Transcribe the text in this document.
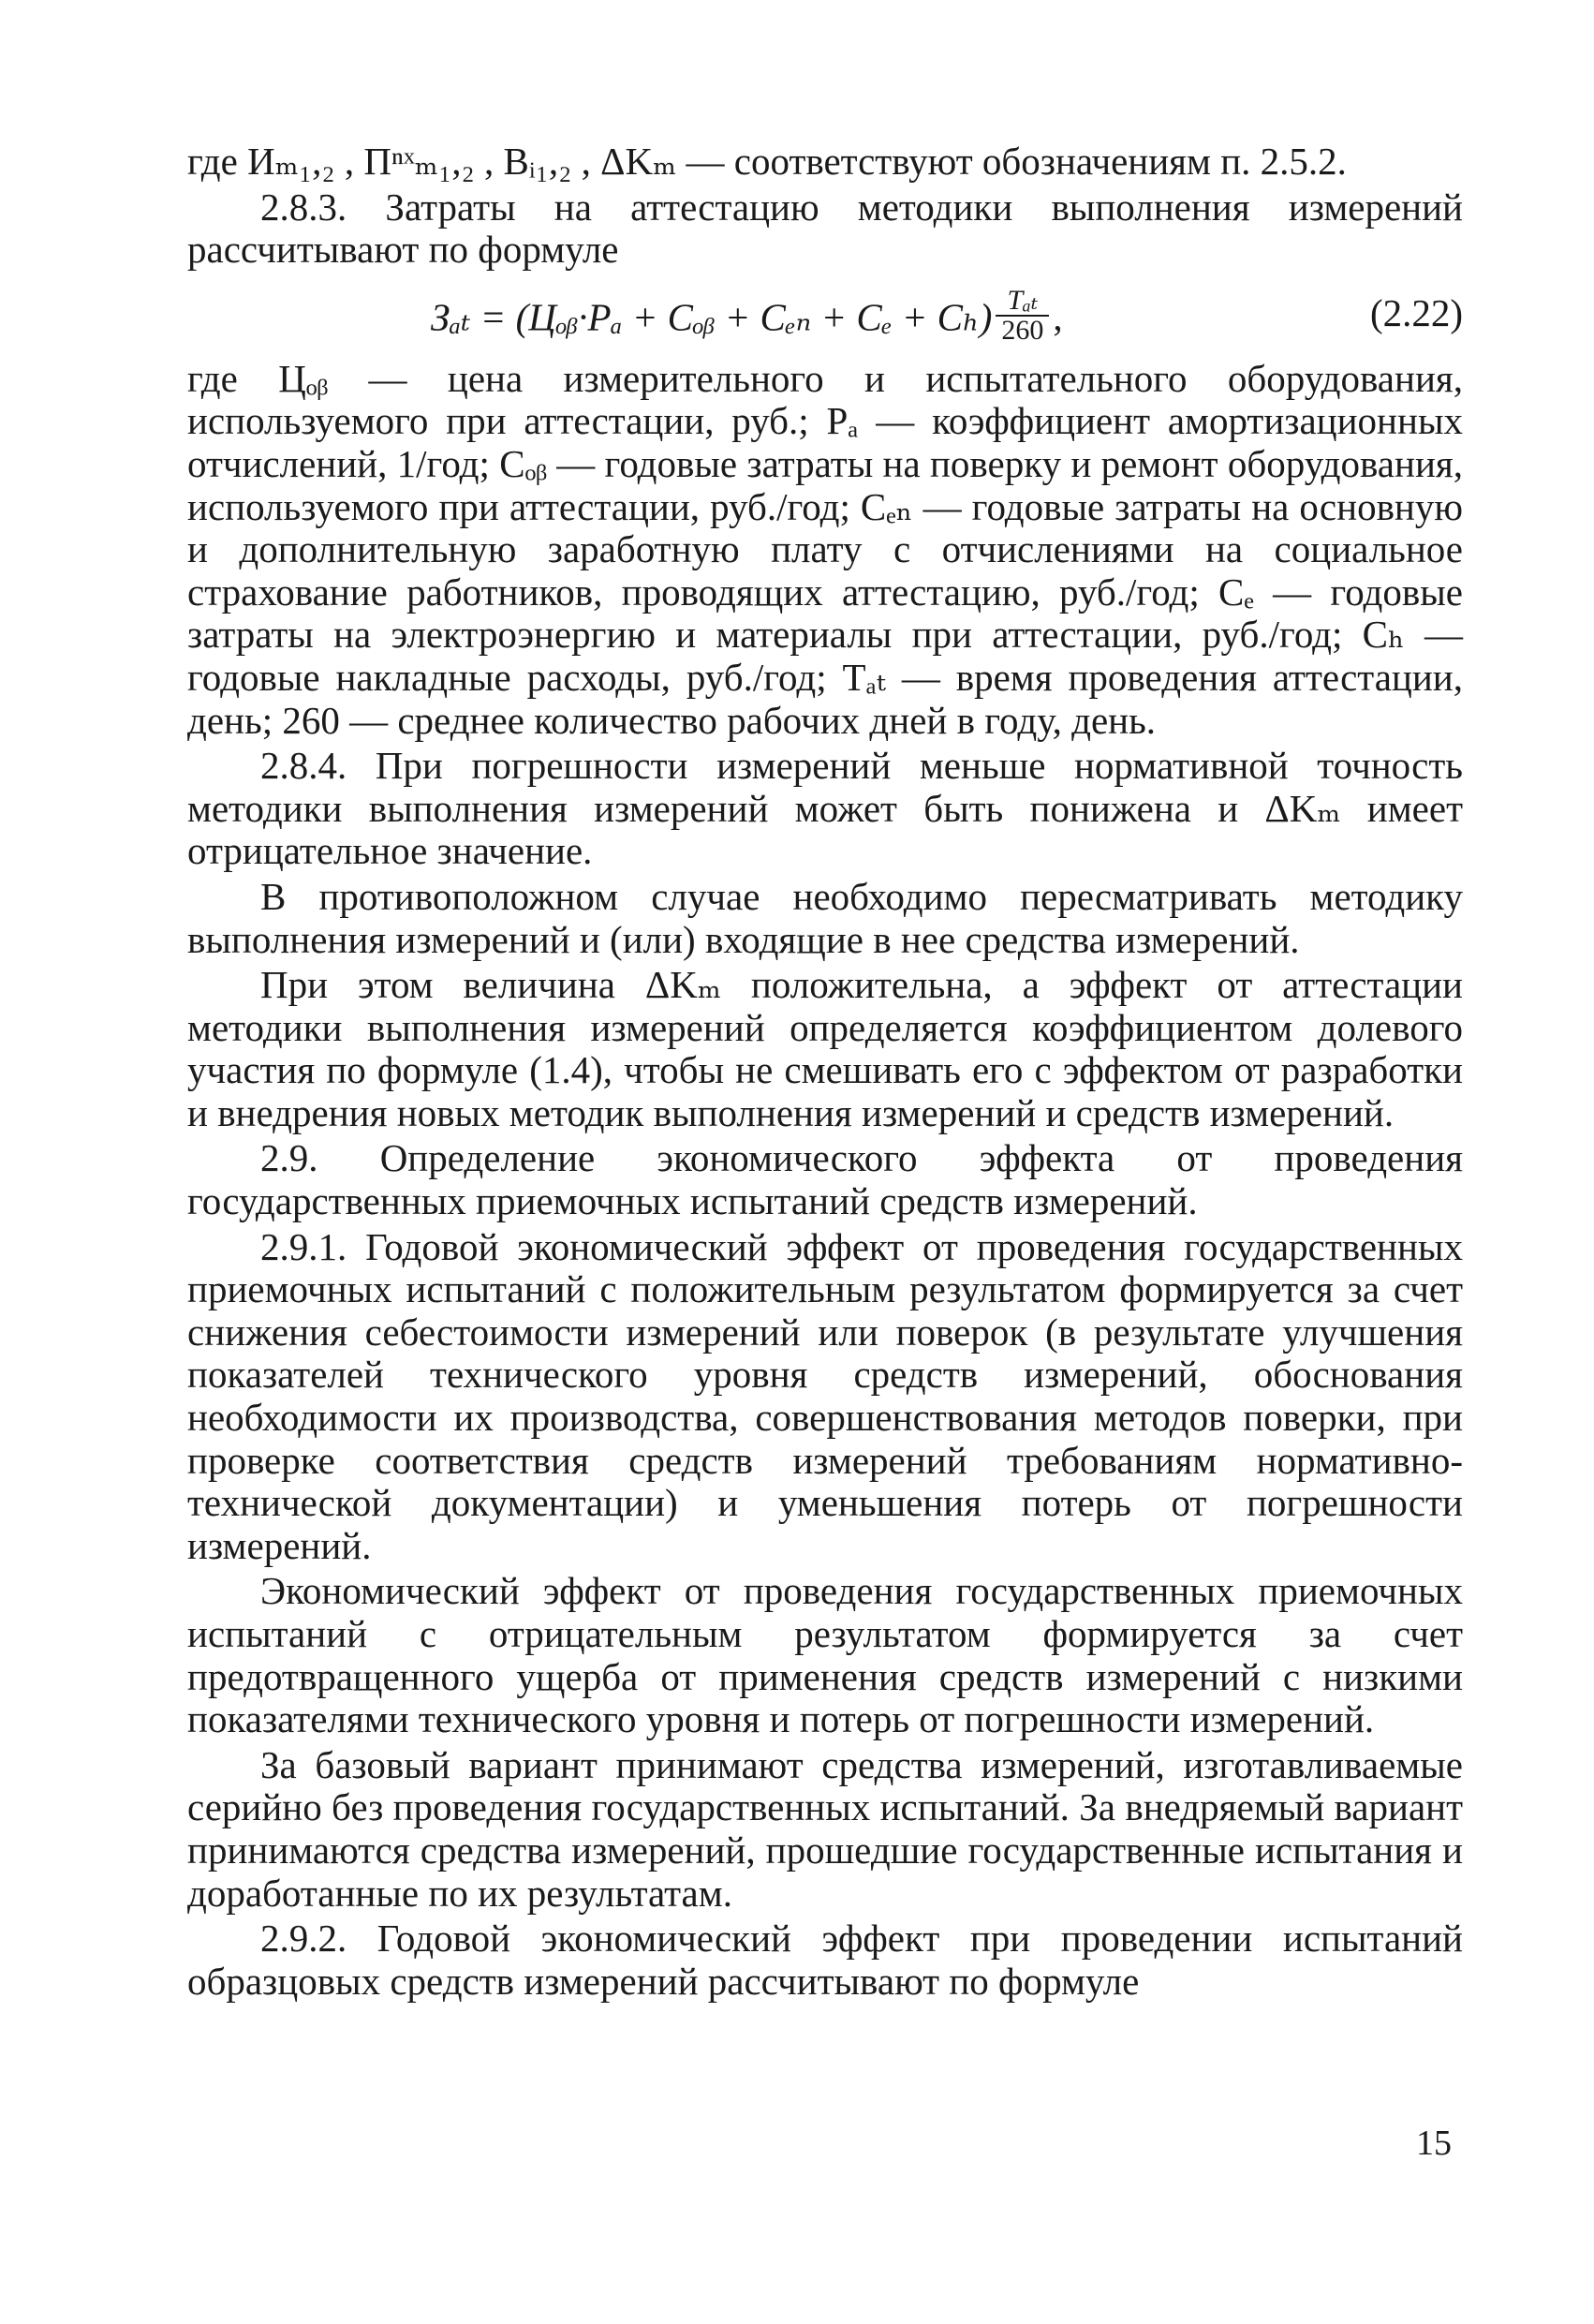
где Иₘ₁,₂ , Пⁿˣₘ₁,₂ , Вᵢ₁,₂ , ΔKₘ — соответствуют обозначениям п. 2.5.2.

2.8.3. Затраты на аттестацию методики выполнения измерений рассчитывают по формуле

Зₐₜ = (Цₒᵦ·Pₐ + Сₒᵦ + $С_{en} + С_e + С_h) \frac{\text{Тₐₜ}}{260}$ ,	(2.22)

где Цₒᵦ — цена измерительного и испытательного оборудования, используемого при аттестации, руб.; Pₐ — коэффициент амортизационных отчислений, 1/год; Сₒᵦ — годовые затраты на поверку и ремонт оборудования, используемого при аттестации, руб./год; Сₑₙ — годовые затраты на основную и дополнительную заработную плату с отчислениями на социальное страхование работников, проводящих аттестацию, руб./год; Сₑ — годовые затраты на электроэнергию и материалы при аттестации, руб./год; Сₕ — годовые накладные расходы, руб./год; Тₐₜ — время проведения аттестации, день; 260 — среднее количество рабочих дней в году, день.

2.8.4. При погрешности измерений меньше нормативной точность методики выполнения измерений может быть понижена и ΔKₘ имеет отрицательное значение.

В противоположном случае необходимо пересматривать методику выполнения измерений и (или) входящие в нее средства измерений.

При этом величина ΔKₘ положительна, а эффект от аттестации методики выполнения измерений определяется коэффициентом долевого участия по формуле (1.4), чтобы не смешивать его с эффектом от разработки и внедрения новых методик выполнения измерений и средств измерений.

2.9. Определение экономического эффекта от проведения государственных приемочных испытаний средств измерений.

2.9.1. Годовой экономический эффект от проведения государственных приемочных испытаний с положительным результатом формируется за счет снижения себестоимости измерений или поверок (в результате улучшения показателей технического уровня средств измерений, обоснования необходимости их производства, совершенствования методов поверки, при проверке соответствия средств измерений требованиям нормативно-технической документации) и уменьшения потерь от погрешности измерений.

Экономический эффект от проведения государственных приемочных испытаний с отрицательным результатом формируется за счет предотвращенного ущерба от применения средств измерений с низкими показателями технического уровня и потерь от погрешности измерений.

За базовый вариант принимают средства измерений, изготавливаемые серийно без проведения государственных испытаний. За внедряемый вариант принимаются средства измерений, прошедшие государственные испытания и доработанные по их результатам.

2.9.2. Годовой экономический эффект при проведении испытаний образцовых средств измерений рассчитывают по формуле

15
